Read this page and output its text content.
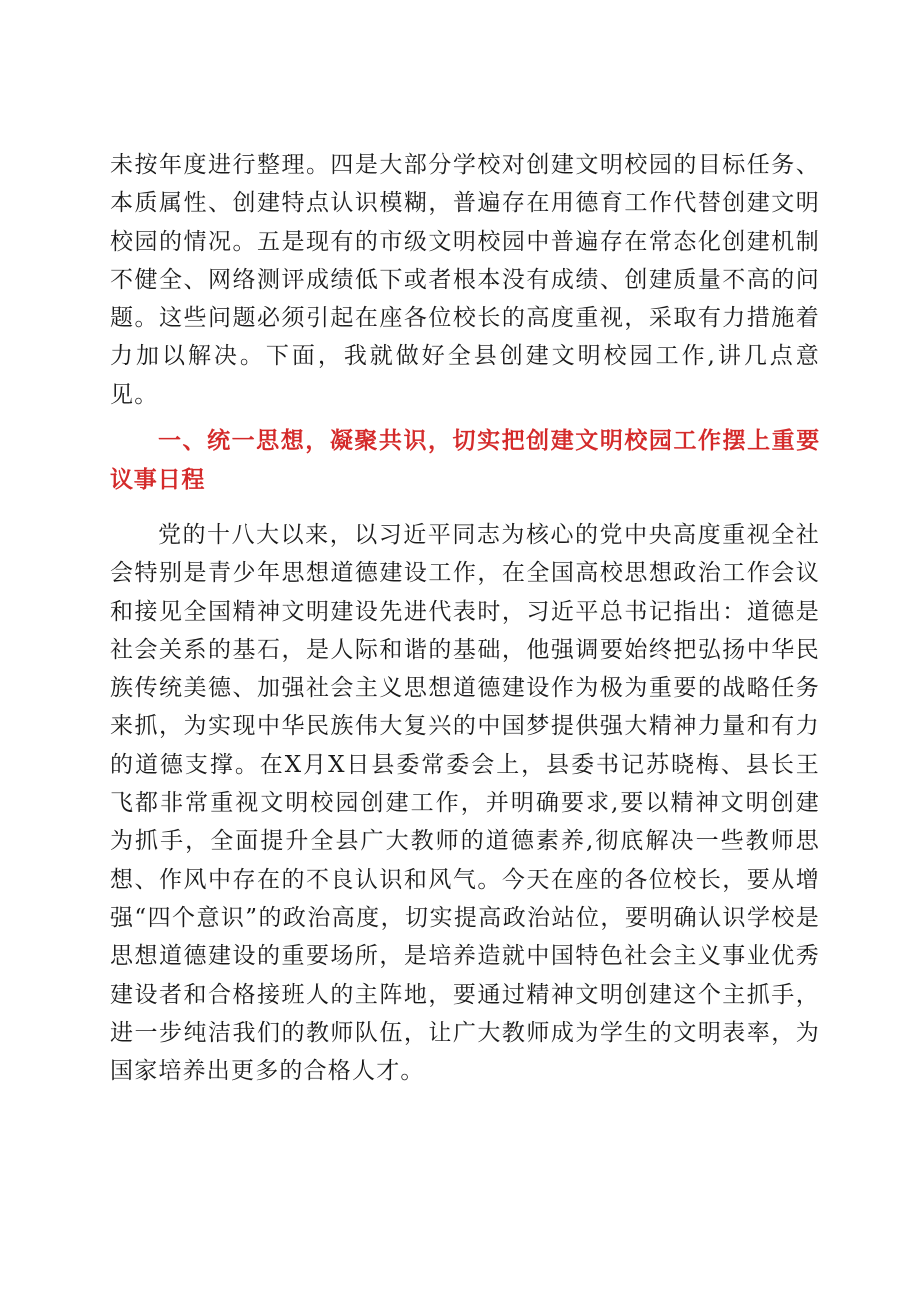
未按年度进行整理。四是大部分学校对创建文明校园的目标任务、本质属性、创建特点认识模糊，普遍存在用德育工作代替创建文明校园的情况。五是现有的市级文明校园中普遍存在常态化创建机制不健全、网络测评成绩低下或者根本没有成绩、创建质量不高的问题。这些问题必须引起在座各位校长的高度重视，采取有力措施着力加以解决。下面，我就做好全县创建文明校园工作,讲几点意见。

一、统一思想，凝聚共识，切实把创建文明校园工作摆上重要议事日程

党的十八大以来，以习近平同志为核心的党中央高度重视全社会特别是青少年思想道德建设工作，在全国高校思想政治工作会议和接见全国精神文明建设先进代表时，习近平总书记指出：道德是社会关系的基石，是人际和谐的基础，他强调要始终把弘扬中华民族传统美德、加强社会主义思想道德建设作为极为重要的战略任务来抓，为实现中华民族伟大复兴的中国梦提供强大精神力量和有力的道德支撑。在X月X日县委常委会上，县委书记苏晓梅、县长王飞都非常重视文明校园创建工作，并明确要求,要以精神文明创建为抓手，全面提升全县广大教师的道德素养,彻底解决一些教师思想、作风中存在的不良认识和风气。今天在座的各位校长，要从增强“四个意识”的政治高度，切实提高政治站位，要明确认识学校是思想道德建设的重要场所，是培养造就中国特色社会主义事业优秀建设者和合格接班人的主阵地，要通过精神文明创建这个主抓手，进一步纯洁我们的教师队伍，让广大教师成为学生的文明表率，为国家培养出更多的合格人才。
